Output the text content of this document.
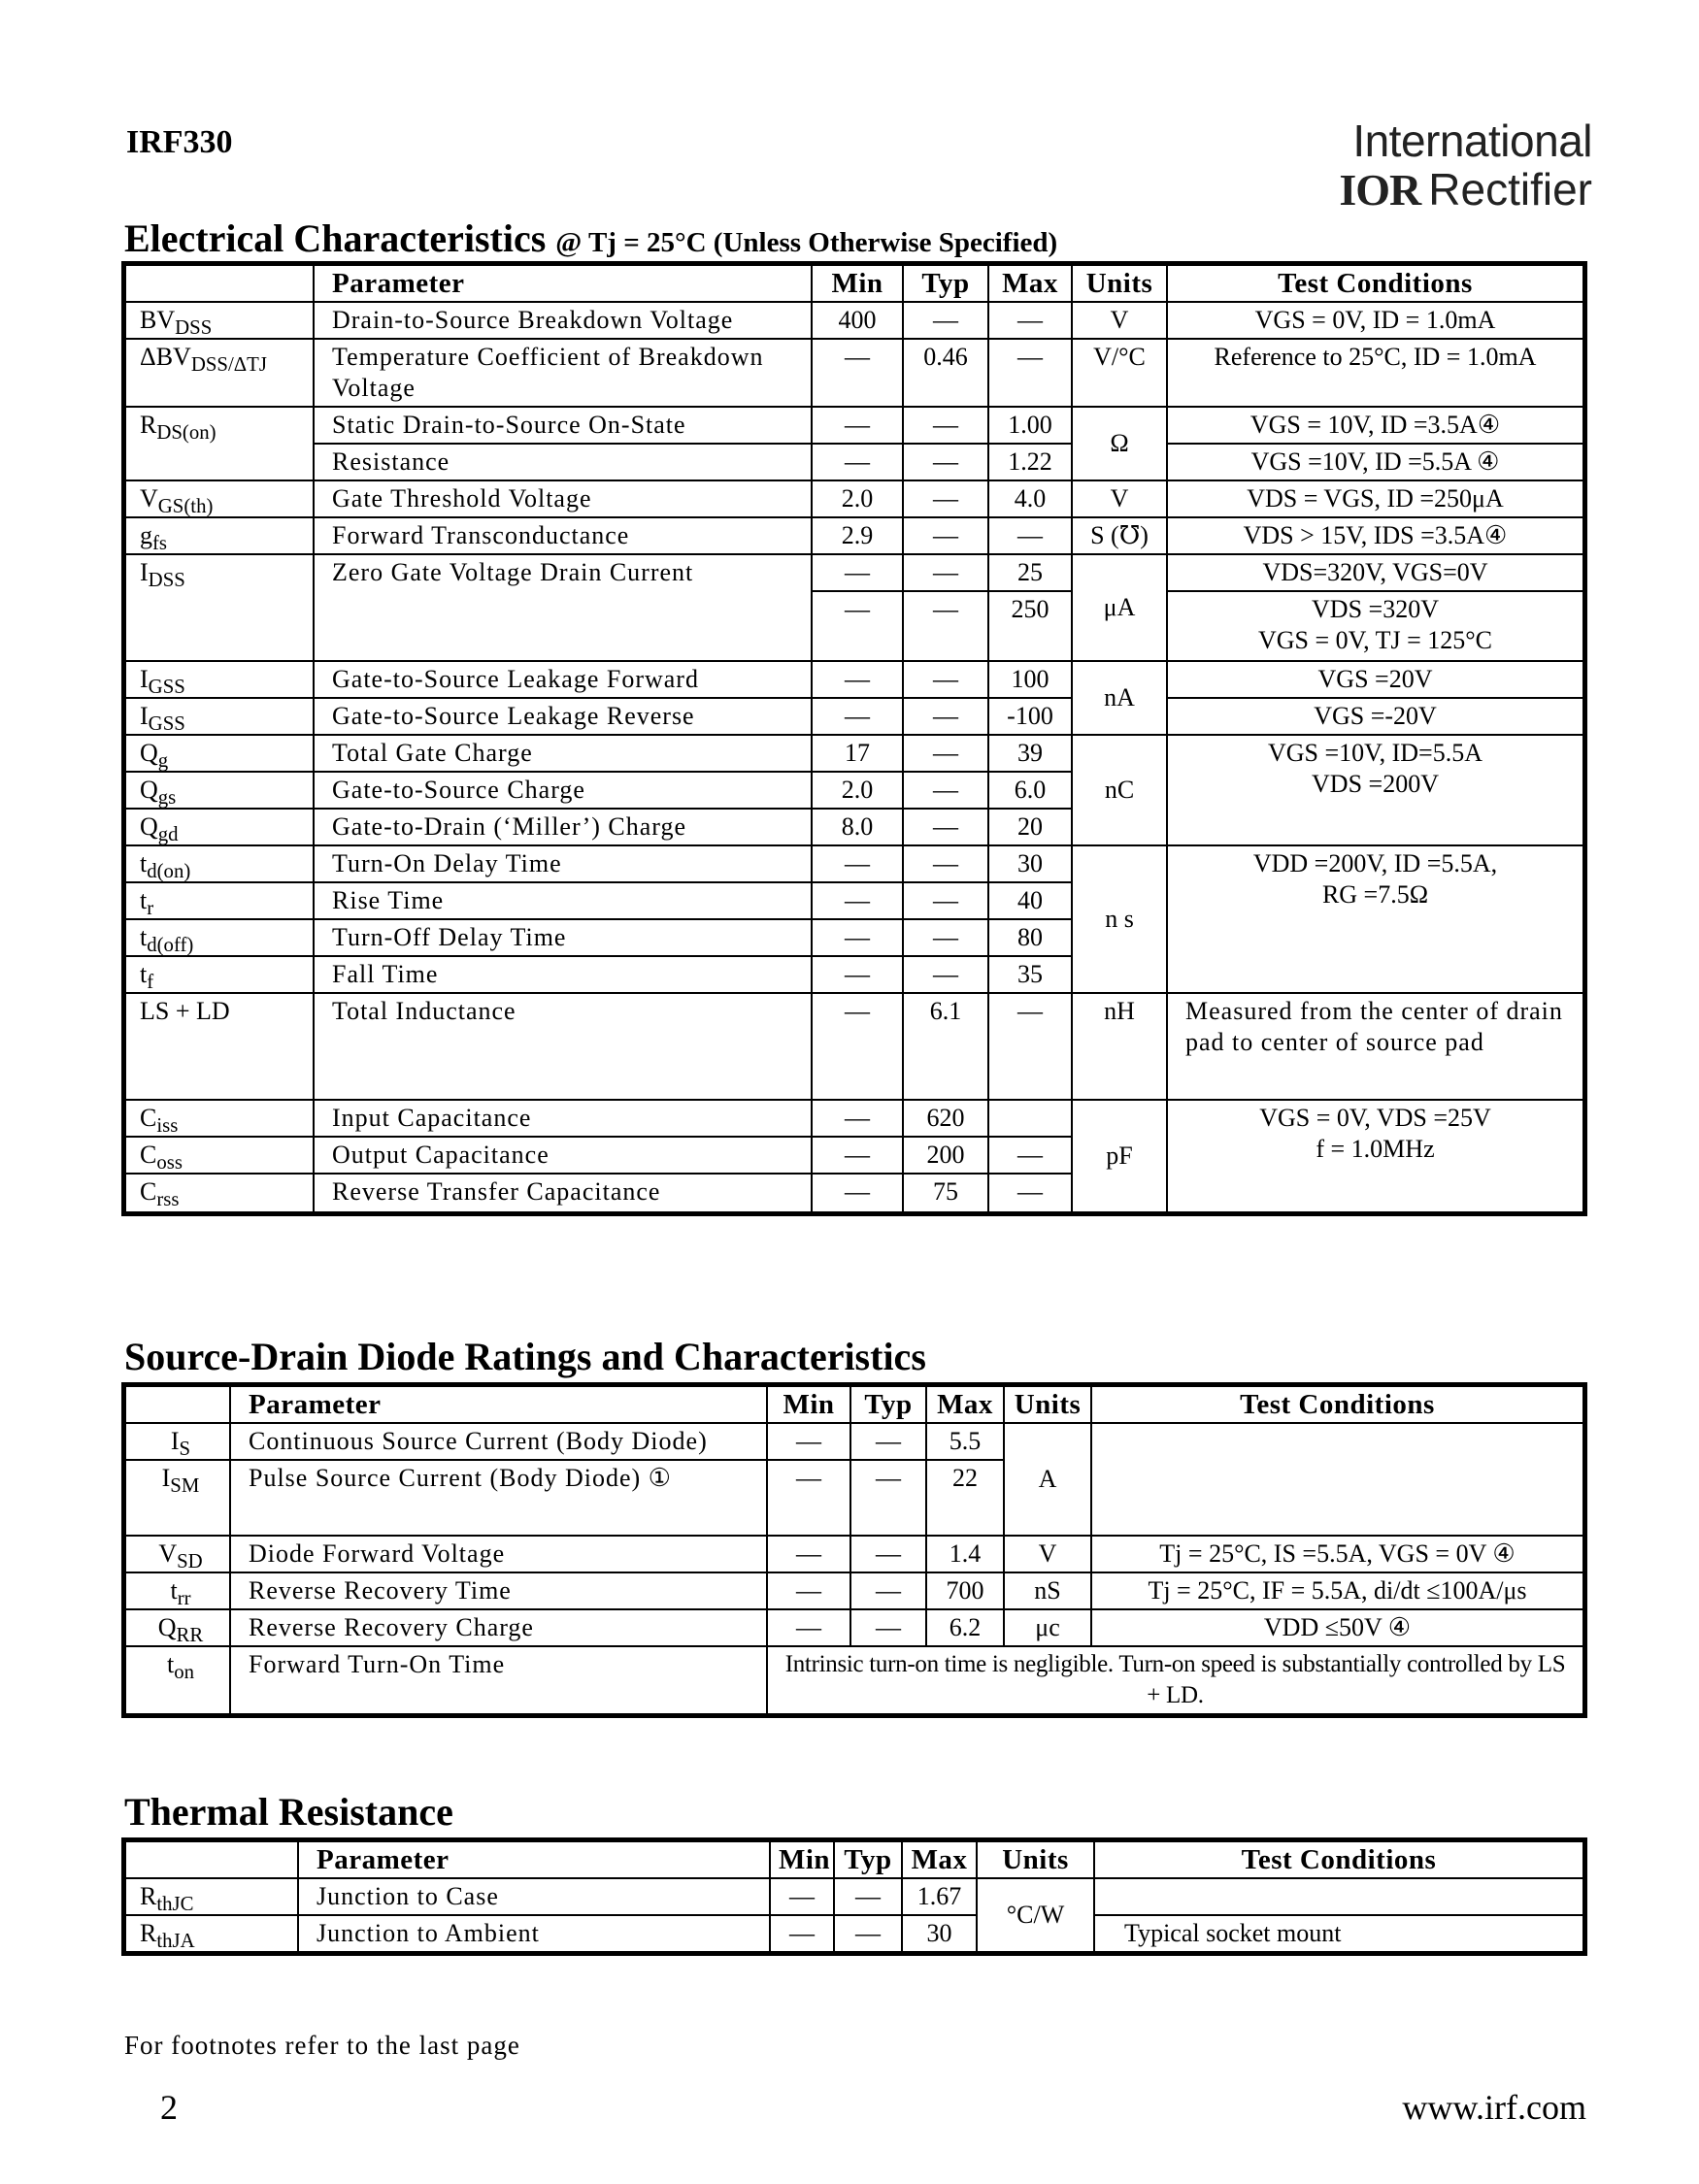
IRF330	International
IOR Rectifier
Electrical Characteristics @ Tj = 25°C (Unless Otherwise Specified)
	Parameter	Min	Typ	Max	Units	Test Conditions
$BV_{DSS}$	Drain-to-Source Breakdown Voltage	400	—	—	V	VGS = 0V, ID = 1.0mA

$\Delta BV_{DSS/\Delta TJ}$	Temperature Coefficient of Breakdown Voltage	—	0.46	—	V/°C	Reference to 25°C, ID = 1.0mA

$R_{DS(on)}$	Static Drain-to-Source On-State	—	—	1.00	Ω	VGS = 10V, ID =3.5A④

	Resistance	—	—	1.22		VGS =10V, ID =5.5A ④

$V_{GS(th)}$	Gate Threshold Voltage	2.0	—	4.0	V	VDS = VGS, ID =250μA

$g_{fs}$	Forward Transconductance	2.9	—	—	S (℧)	VDS > 15V, IDS =3.5A④

$I_{DSS}$	Zero Gate Voltage Drain Current	—	—	25	μA	VDS=320V, VGS=0V

		—	—	250		VDS =320V
VGS = 0V, TJ = 125°C

$I_{GSS}$	Gate-to-Source Leakage Forward	—	—	100	nA	VGS =20V

$I_{GSS}$	Gate-to-Source Leakage Reverse	—	—	-100		VGS =-20V

$Q_g$	Total Gate Charge	17	—	39	nC	VGS =10V, ID=5.5A
VDS =200V

$Q_{gs}$	Gate-to-Source Charge	2.0	—	6.0		
$Q_{gd}$	Gate-to-Drain (‘Miller’) Charge	8.0	—	20		
$t_{d(on)}$	Turn-On Delay Time	—	—	30	n s	VDD =200V, ID =5.5A,
RG =7.5Ω

$t_r$	Rise Time	—	—	40		
$t_{d(off)}$	Turn-Off Delay Time	—	—	80		
$t_f$	Fall Time	—	—	35		
LS + LD	Total Inductance	—	6.1	—	nH	Measured from the center of drain pad to center of source pad

$C_{iss}$	Input Capacitance	—	620		pF	VGS = 0V, VDS =25V
f = 1.0MHz

$C_{oss}$	Output Capacitance	—	200	—		
$C_{rss}$	Reverse Transfer Capacitance	—	75	—		
Source-Drain Diode Ratings and Characteristics
	Parameter	Min	Typ	Max	Units	Test Conditions
$I_S$	Continuous Source Current (Body Diode)	—	—	5.5	A	
$I_{SM}$	Pulse Source Current (Body Diode) ①	—	—	22		
$V_{SD}$	Diode Forward Voltage	—	—	1.4	V	Tj = 25°C, IS =5.5A, VGS = 0V ④
$t_{rr}$	Reverse Recovery Time	—	—	700	nS	Tj = 25°C, IF = 5.5A, di/dt ≤100A/μs
$Q_{RR}$	Reverse Recovery Charge	—	—	6.2	μc	VDD ≤50V ④
$t_{on}$	Forward Turn-On Time	Intrinsic turn-on time is negligible. Turn-on speed is substantially controlled by LS + LD.				
Thermal Resistance
	Parameter	Min	Typ	Max	Units	Test Conditions
$R_{thJC}$	Junction to Case	—	—	1.67	°C/W	
$R_{thJA}$	Junction to Ambient	—	—	30		Typical socket mount
For footnotes refer to the last page
2	www.irf.com
